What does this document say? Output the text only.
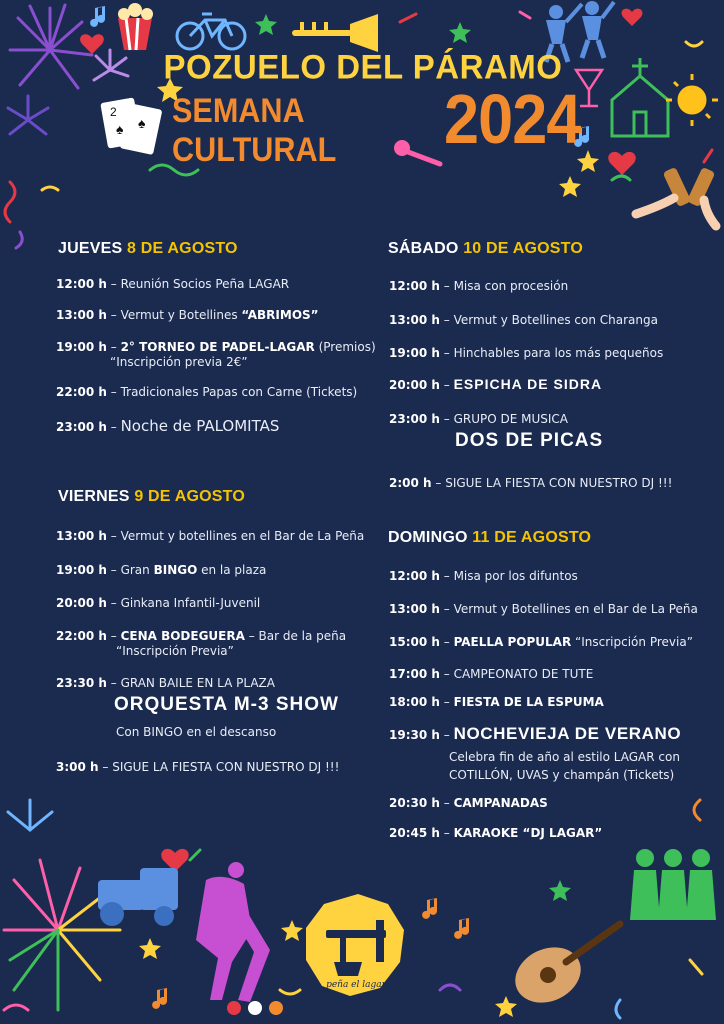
2
♠ ♠
POZUELO DEL PÁRAMO
SEMANA CULTURAL	2024
peña el lagar
JUEVES 8 DE AGOSTO
12:00 h – Reunión Socios Peña LAGAR
13:00 h – Vermut y Botellines “ABRIMOS”
19:00 h – 2° TORNEO DE PADEL-LAGAR (Premios)
“Inscripción previa 2€”
22:00 h – Tradicionales Papas con Carne (Tickets)
23:00 h – Noche de PALOMITAS
VIERNES 9 DE AGOSTO
13:00 h – Vermut y botellines en el Bar de La Peña
19:00 h – Gran BINGO en la plaza
20:00 h – Ginkana Infantil-Juvenil
22:00 h – CENA BODEGUERA – Bar de la peña
“Inscripción Previa”
23:30 h – GRAN BAILE EN LA PLAZA
ORQUESTA M-3 SHOW
Con BINGO en el descanso
3:00 h – SIGUE LA FIESTA CON NUESTRO DJ !!!
SÁBADO 10 DE AGOSTO
12:00 h – Misa con procesión
13:00 h – Vermut y Botellines con Charanga
19:00 h – Hinchables para los más pequeños
20:00 h – ESPICHA DE SIDRA
23:00 h – GRUPO DE MUSICA
DOS DE PICAS
2:00 h – SIGUE LA FIESTA CON NUESTRO DJ !!!
DOMINGO 11 DE AGOSTO
12:00 h – Misa por los difuntos
13:00 h – Vermut y Botellines en el Bar de La Peña
15:00 h – PAELLA POPULAR “Inscripción Previa”
17:00 h – CAMPEONATO DE TUTE
18:00 h – FIESTA DE LA ESPUMA
19:30 h – NOCHEVIEJA DE VERANO
Celebra fin de año al estilo LAGAR con
COTILLÓN, UVAS y champán (Tickets)
20:30 h – CAMPANADAS
20:45 h – KARAOKE “DJ LAGAR”
